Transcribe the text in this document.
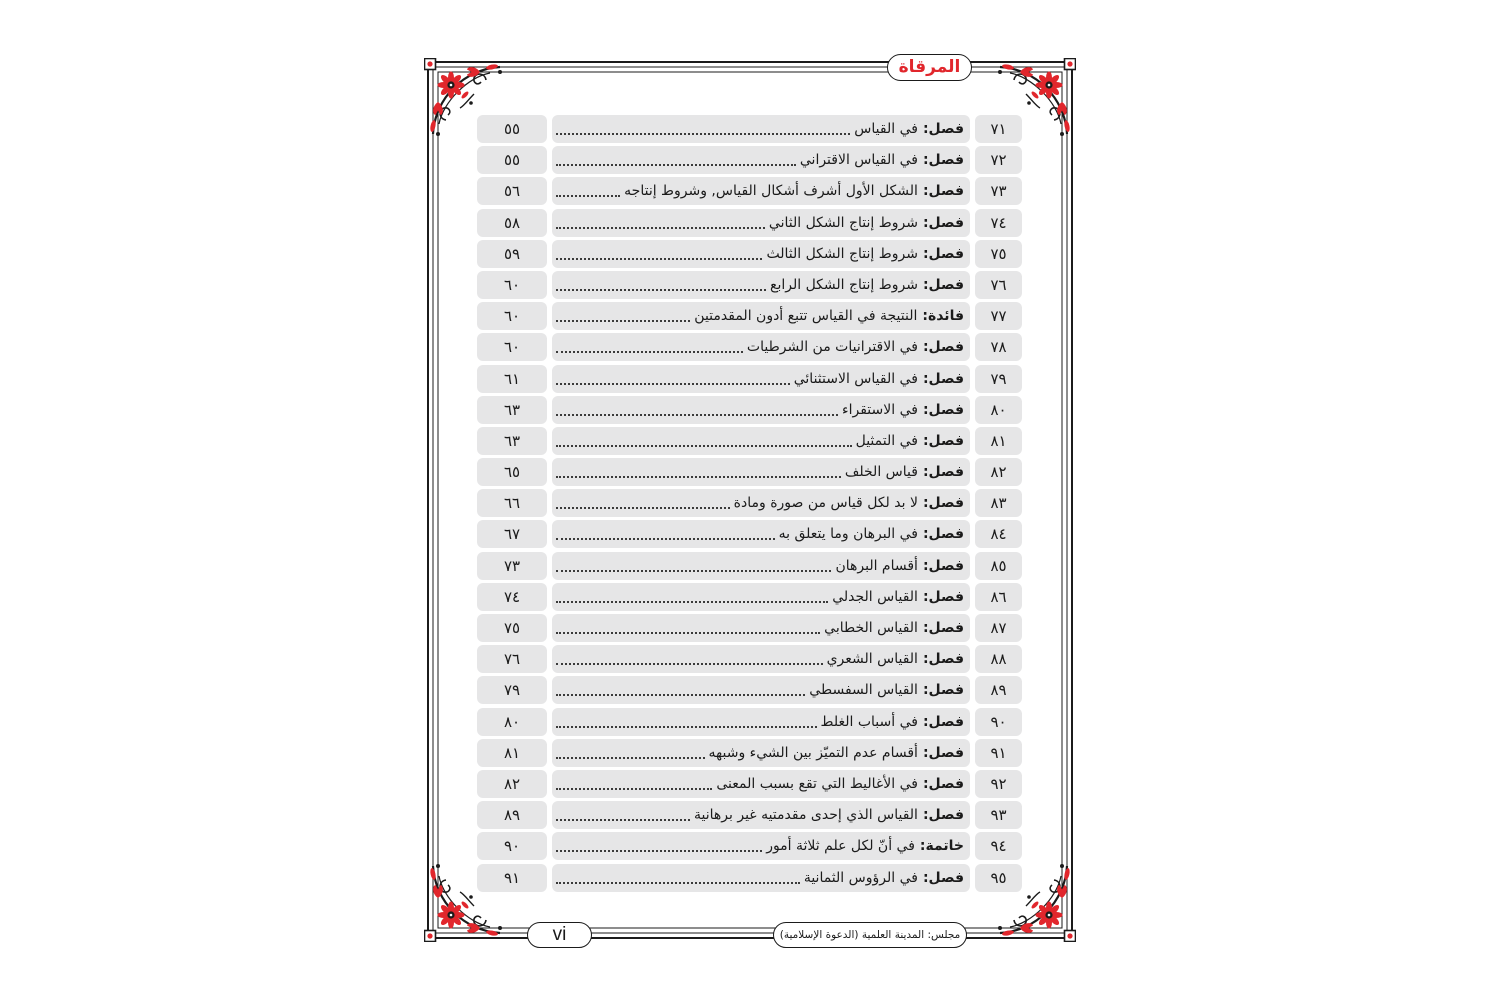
المرقاة
٧١
فصل:
في القياس
٥٥
٧٢
فصل:
في القياس الاقتراني
٥٥
٧٣
فصل:
الشكل الأول أشرف أشكال القياس, وشروط إنتاجه
٥٦
٧٤
فصل:
شروط إنتاج الشكل الثاني
٥٨
٧٥
فصل:
شروط إنتاج الشكل الثالث
٥٩
٧٦
فصل:
شروط إنتاج الشكل الرابع
٦٠
٧٧
فائدة:
النتيجة في القياس تتبع أدون المقدمتين
٦٠
٧٨
فصل:
في الاقترانيات من الشرطيات
٦٠
٧٩
فصل:
في القياس الاستثنائي
٦١
٨٠
فصل:
في الاستقراء
٦٣
٨١
فصل:
في التمثيل
٦٣
٨٢
فصل:
قياس الخلف
٦٥
٨٣
فصل:
لا بد لكل قياس من صورة ومادة
٦٦
٨٤
فصل:
في البرهان وما يتعلق به
٦٧
٨٥
فصل:
أقسام البرهان
٧٣
٨٦
فصل:
القياس الجدلي
٧٤
٨٧
فصل:
القياس الخطابي
٧٥
٨٨
فصل:
القياس الشعري
٧٦
٨٩
فصل:
القياس السفسطي
٧٩
٩٠
فصل:
في أسباب الغلط
٨٠
٩١
فصل:
أقسام عدم التميّز بين الشيء وشبهه
٨١
٩٢
فصل:
في الأغاليط التي تقع بسبب المعنى
٨٢
٩٣
فصل:
القياس الذي إحدى مقدمتيه غير برهانية
٨٩
٩٤
خاتمة:
في أنّ لكل علم ثلاثة أمور
٩٠
٩٥
فصل:
في الرؤوس الثمانية
٩١
vi	مجلس: المدينة العلمية (الدعوة الإسلامية)
